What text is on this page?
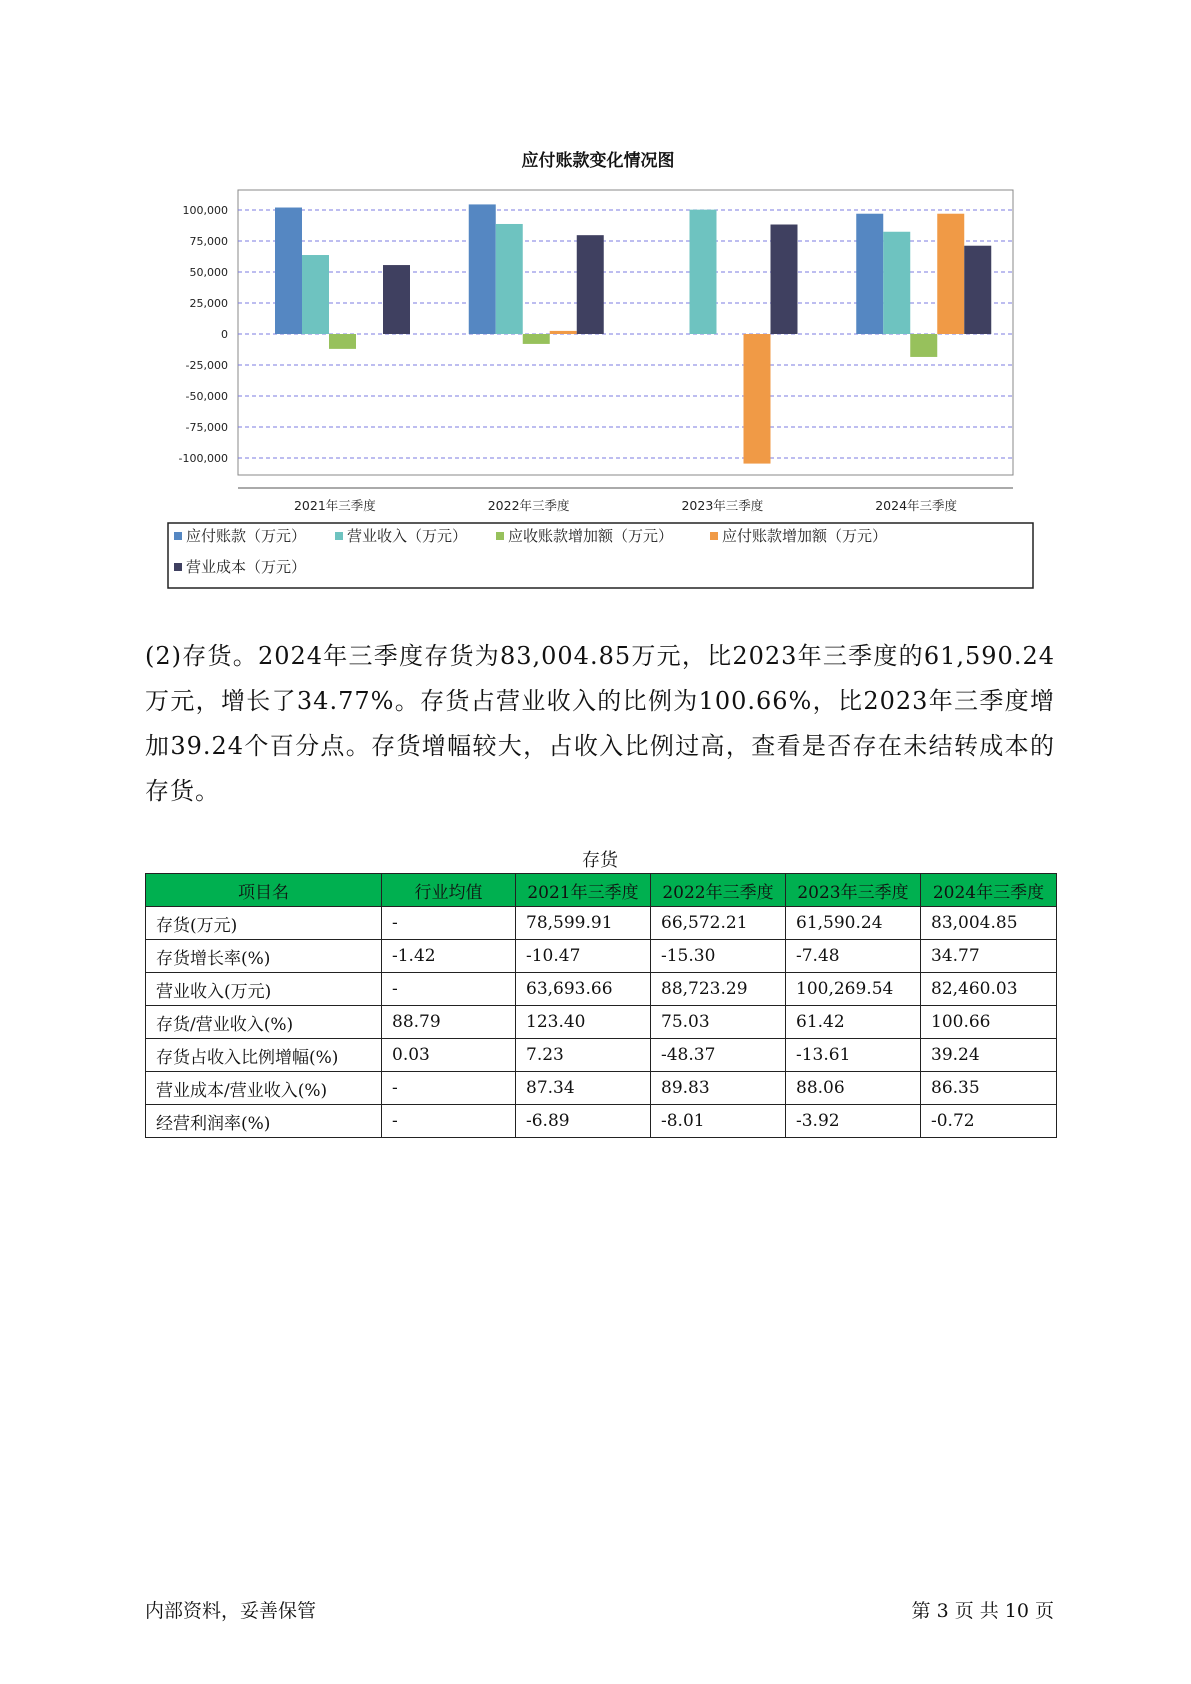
应付账款变化情况图
100,000
75,000
50,000
25,000
0
-25,000
-50,000
-75,000
-100,000
2021年三季度	2022年三季度	2023年三季度	2024年三季度
应付账款（万元）	营业收入（万元）	应收账款增加额（万元）	应付账款增加额（万元）
营业成本（万元）

(2)存货。2024年三季度存货为83,004.85万元，比2023年三季度的61,590.24万元，增长了34.77%。存货占营业收入的比例为100.66%，比2023年三季度增加39.24个百分点。存货增幅较大，占收入比例过高，查看是否存在未结转成本的存货。

存货
项目名	行业均值	2021年三季度	2022年三季度	2023年三季度	2024年三季度
存货(万元)	-	78,599.91	66,572.21	61,590.24	83,004.85
存货增长率(%)	-1.42	-10.47	-15.30	-7.48	34.77
营业收入(万元)	-	63,693.66	88,723.29	100,269.54	82,460.03
存货/营业收入(%)	88.79	123.40	75.03	61.42	100.66
存货占收入比例增幅(%)	0.03	7.23	-48.37	-13.61	39.24
营业成本/营业收入(%)	-	87.34	89.83	88.06	86.35
经营利润率(%)	-	-6.89	-8.01	-3.92	-0.72
内部资料，妥善保管	第 3 页 共 10 页
